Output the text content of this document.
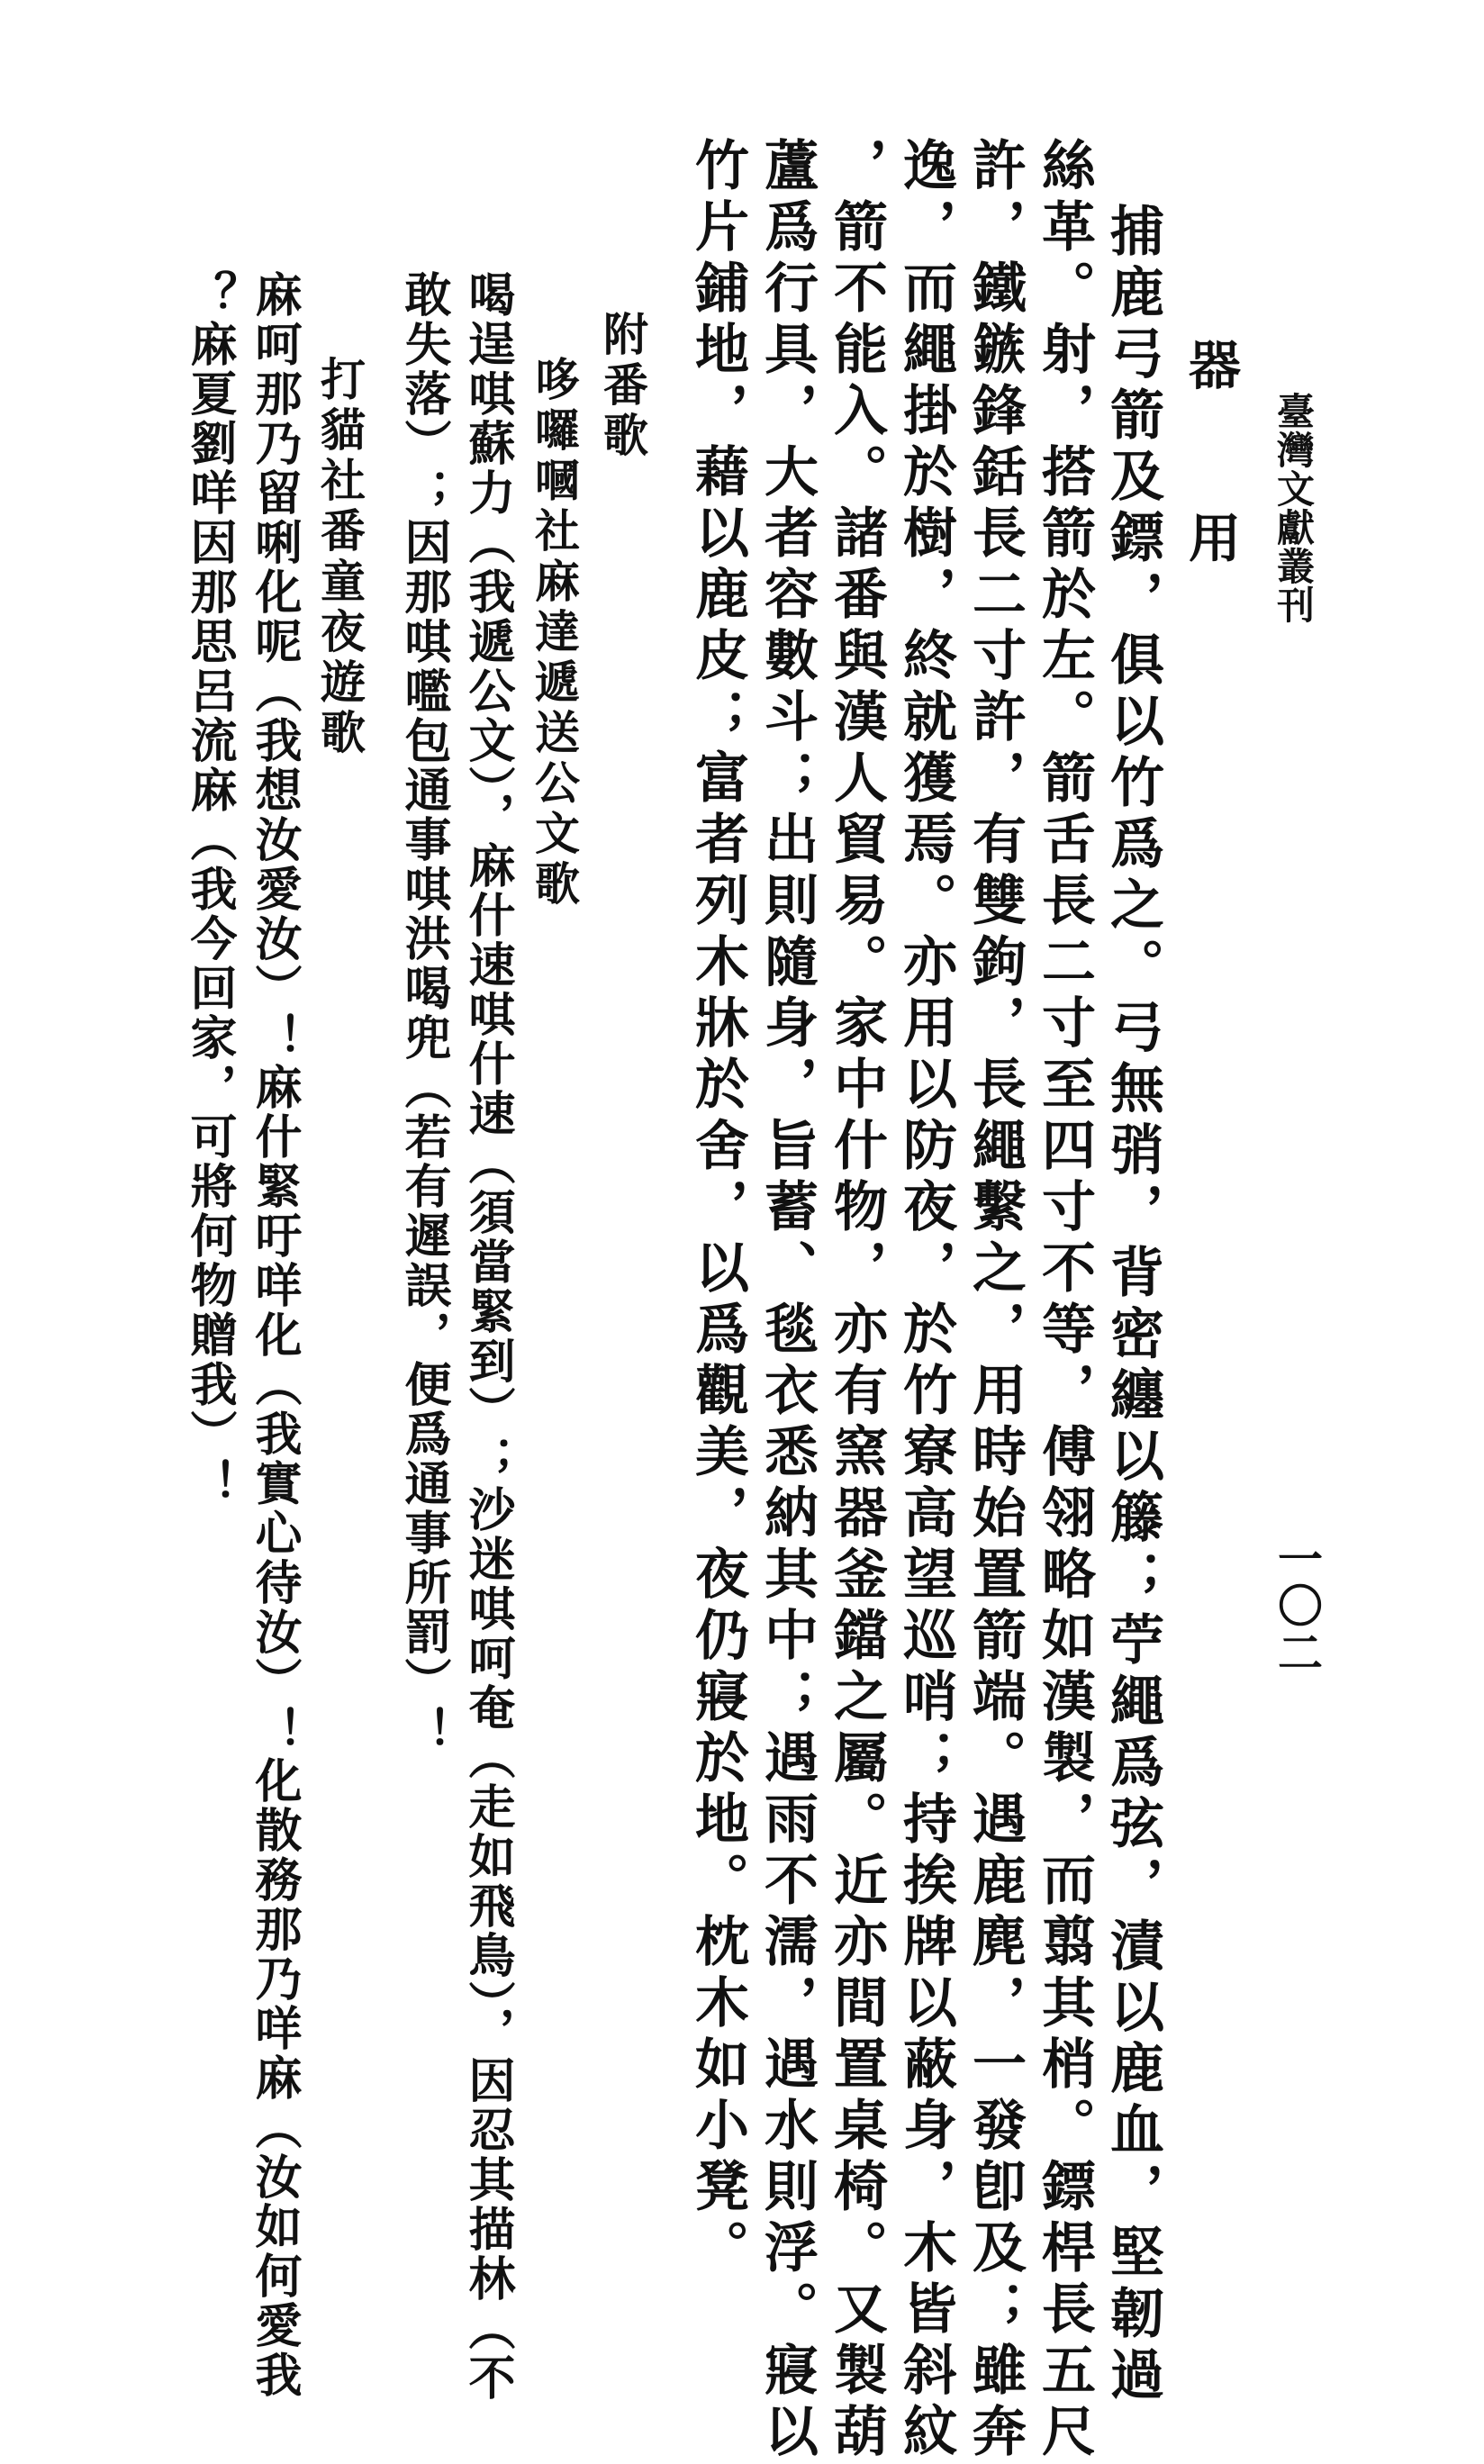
臺灣文獻叢刊
一〇二
器　用
捕鹿弓箭及鏢，俱以竹爲之。弓無弰，背密纏以籐；苧繩爲弦，漬以鹿血，堅韌過
絲革。射，搭箭於左。箭舌長二寸至四寸不等，傅翎略如漢製，而翦其梢。鏢桿長五尺
許，鐵鏃鋒銛長二寸許，有雙鉤，長繩繫之，用時始置箭端。遇鹿麂，一發卽及；雖奔
逸，而繩掛於樹，終就獲焉。亦用以防夜，於竹寮高望巡哨；持挨牌以蔽身，木皆斜紋
，箭不能入。諸番與漢人貿易。家中什物，亦有窯器釜鐺之屬。近亦間置桌椅。又製葫
蘆爲行具，大者容數斗；出則隨身，旨蓄、毯衣悉納其中；遇雨不濡，遇水則浮。寢以
竹片鋪地，藉以鹿皮；富者列木牀於舍，以爲觀美，夜仍寢於地。枕木如小凳。
附番歌
哆囉嘓社麻達遞送公文歌
喝逞唭蘇力（我遞公文），麻什速唭什速（須當緊到）；沙迷唭呵奄（走如飛鳥），因忍其描林（不
敢失落）；因那唭嚂包通事唭洪喝兜（若有遲誤，便爲通事所罰）！
打貓社番童夜遊歌
麻呵那乃留唎化呢（我想汝愛汝）！麻什緊吁咩化（我實心待汝）！化散務那乃咩麻（汝如何愛我
？麻夏劉咩因那思呂流麻（我今回家，可將何物贈我）！
